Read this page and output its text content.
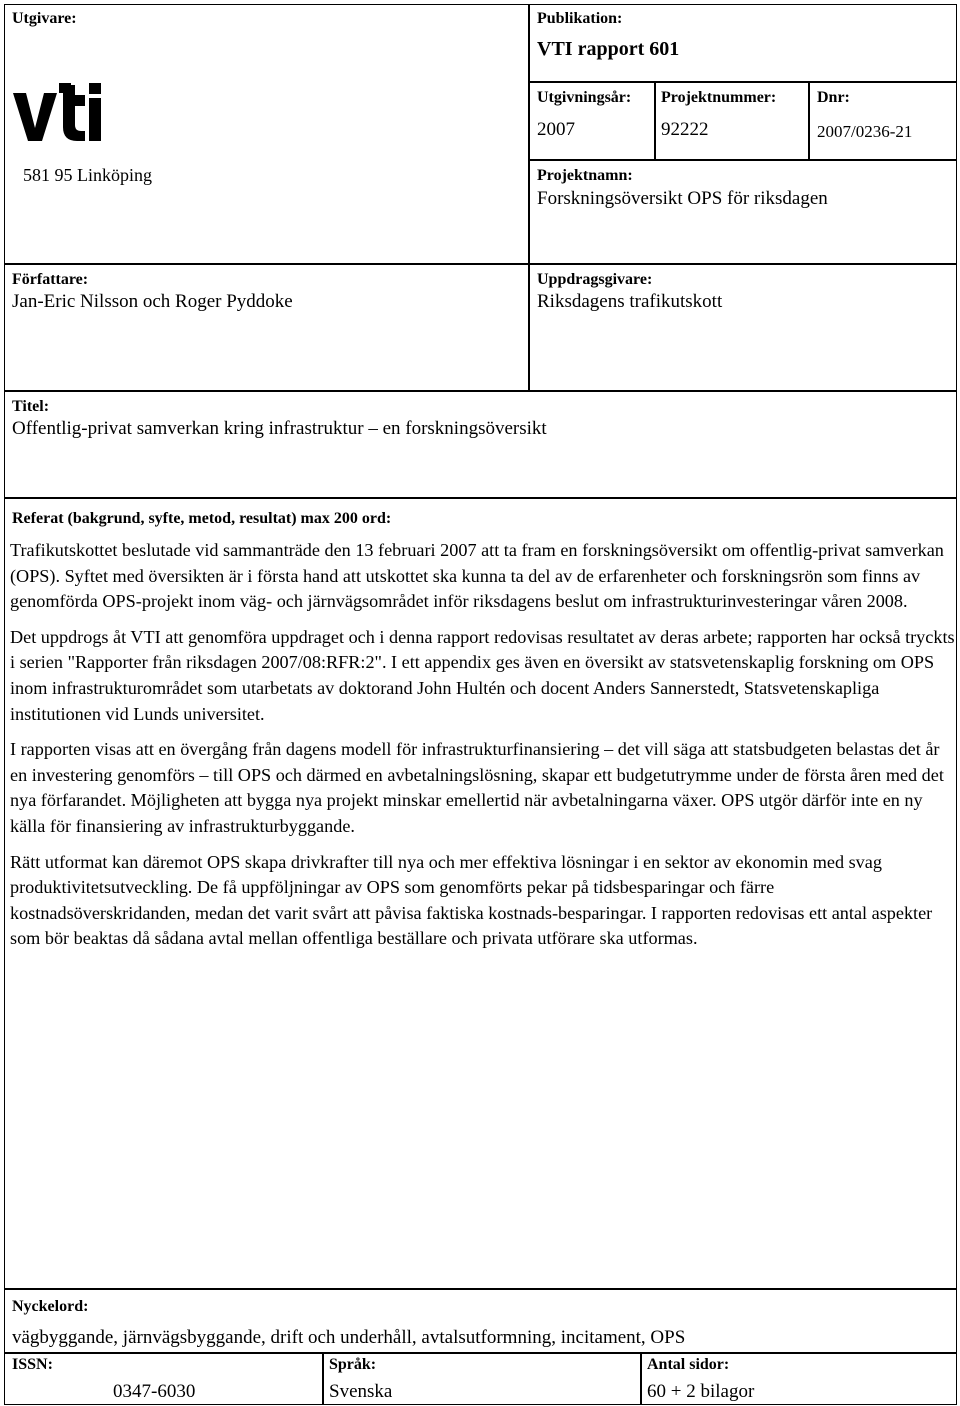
Utgivare:
581 95 Linköping
Publikation:
VTI rapport 601
Utgivningsår:
2007
Projektnummer:
92222
Dnr:
2007/0236-21
Projektnamn:
Forskningsöversikt OPS för riksdagen
Författare:
Jan-Eric Nilsson och Roger Pyddoke
Uppdragsgivare:
Riksdagens trafikutskott
Titel:
Offentlig-privat samverkan kring infrastruktur – en forskningsöversikt
Referat (bakgrund, syfte, metod, resultat) max 200 ord:

Trafikutskottet beslutade vid sammanträde den 13 februari 2007 att ta fram en forskningsöversikt om offentlig-privat samverkan (OPS). Syftet med översikten är i första hand att utskottet ska kunna ta del av de erfarenheter och forskningsrön som finns av genomförda OPS-projekt inom väg- och järnvägsområdet inför riksdagens beslut om infrastrukturinvesteringar våren 2008.

Det uppdrogs åt VTI att genomföra uppdraget och i denna rapport redovisas resultatet av deras arbete; rapporten har också tryckts i serien "Rapporter från riksdagen 2007/08:RFR:2". I ett appendix ges även en översikt av statsvetenskaplig forskning om OPS inom infrastrukturområdet som utarbetats av doktorand John Hultén och docent Anders Sannerstedt, Statsvetenskapliga institutionen vid Lunds universitet.

I rapporten visas att en övergång från dagens modell för infrastrukturfinansiering – det vill säga att statsbudgeten belastas det år en investering genomförs – till OPS och därmed en avbetalningslösning, skapar ett budgetutrymme under de första åren med det nya förfarandet. Möjligheten att bygga nya projekt minskar emellertid när avbetalningarna växer. OPS utgör därför inte en ny källa för finansiering av infrastrukturbyggande.

Rätt utformat kan däremot OPS skapa drivkrafter till nya och mer effektiva lösningar i en sektor av ekonomin med svag produktivitetsutveckling. De få uppföljningar av OPS som genomförts pekar på tidsbesparingar och färre kostnadsöverskridanden, medan det varit svårt att påvisa faktiska kostnads-besparingar. I rapporten redovisas ett antal aspekter som bör beaktas då sådana avtal mellan offentliga beställare och privata utförare ska utformas.

Nyckelord:
vägbyggande, järnvägsbyggande, drift och underhåll, avtalsutformning, incitament, OPS
ISSN:
0347-6030
Språk:
Svenska
Antal sidor:
60 + 2 bilagor
